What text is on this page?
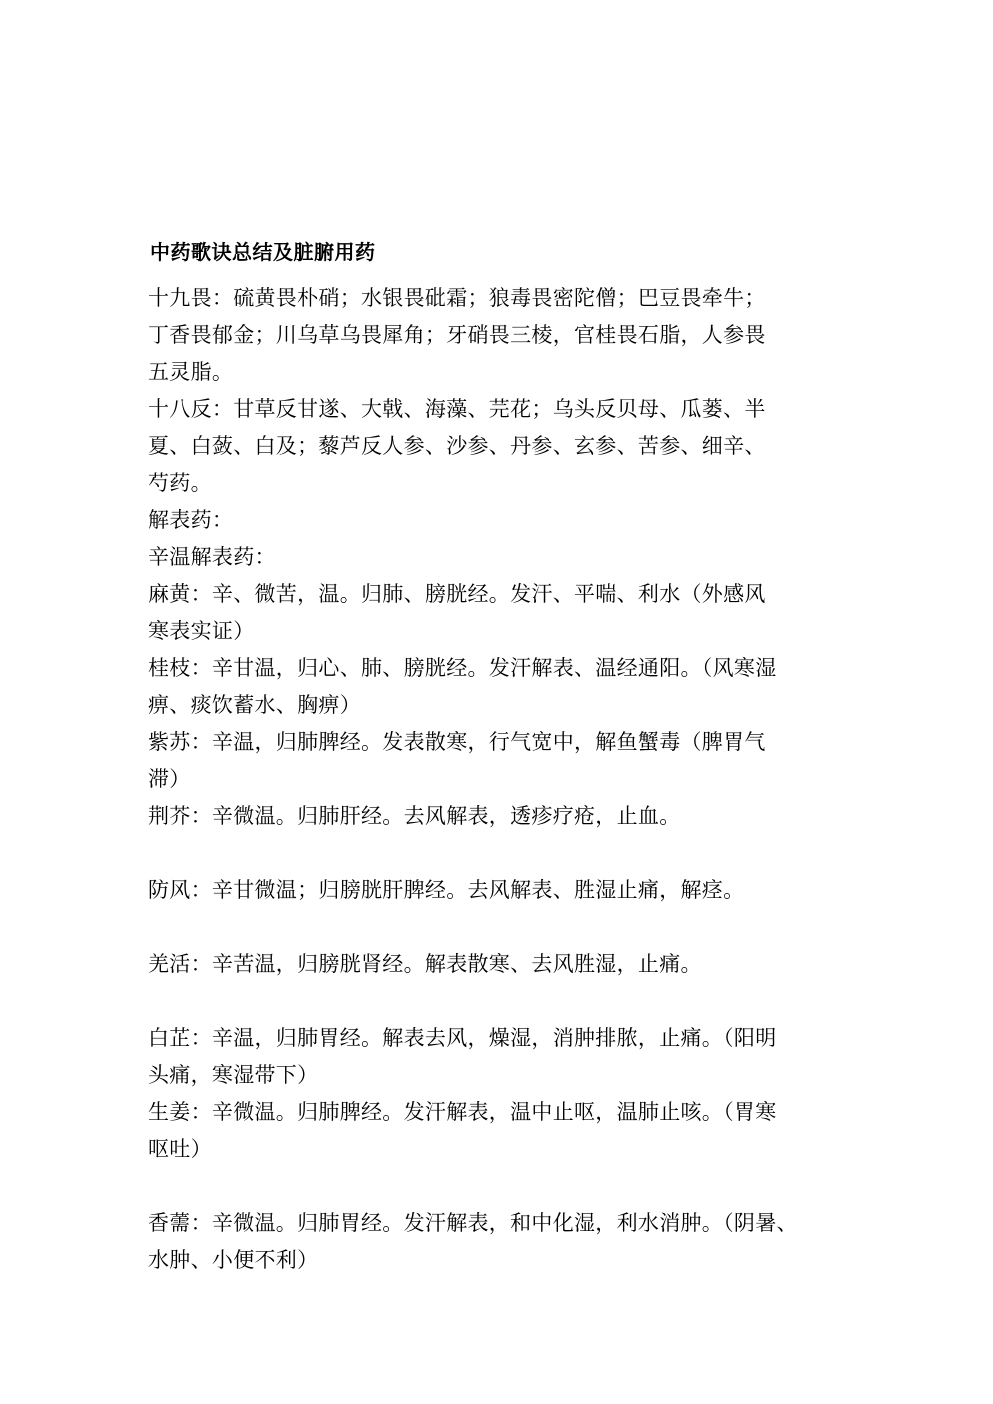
中药歌诀总结及脏腑用药
十九畏：硫黄畏朴硝；水银畏砒霜；狼毒畏密陀僧；巴豆畏牵牛；
丁香畏郁金；川乌草乌畏犀角；牙硝畏三棱，官桂畏石脂，人参畏
五灵脂。
十八反：甘草反甘遂、大戟、海藻、芫花；乌头反贝母、瓜蒌、半
夏、白蔹、白及；藜芦反人参、沙参、丹参、玄参、苦参、细辛、
芍药。
解表药：
辛温解表药：
麻黄：辛、微苦，温。归肺、膀胱经。发汗、平喘、利水（外感风
寒表实证）
桂枝：辛甘温，归心、肺、膀胱经。发汗解表、温经通阳。（风寒湿
痹、痰饮蓄水、胸痹）
紫苏：辛温，归肺脾经。发表散寒，行气宽中，解鱼蟹毒（脾胃气
滞）
荆芥：辛微温。归肺肝经。去风解表，透疹疗疮，止血。
防风：辛甘微温；归膀胱肝脾经。去风解表、胜湿止痛，解痉。
羌活：辛苦温，归膀胱肾经。解表散寒、去风胜湿，止痛。
白芷：辛温，归肺胃经。解表去风，燥湿，消肿排脓，止痛。（阳明
头痛，寒湿带下）
生姜：辛微温。归肺脾经。发汗解表，温中止呕，温肺止咳。（胃寒
呕吐）
香薷：辛微温。归肺胃经。发汗解表，和中化湿，利水消肿。（阴暑、
水肿、小便不利）
